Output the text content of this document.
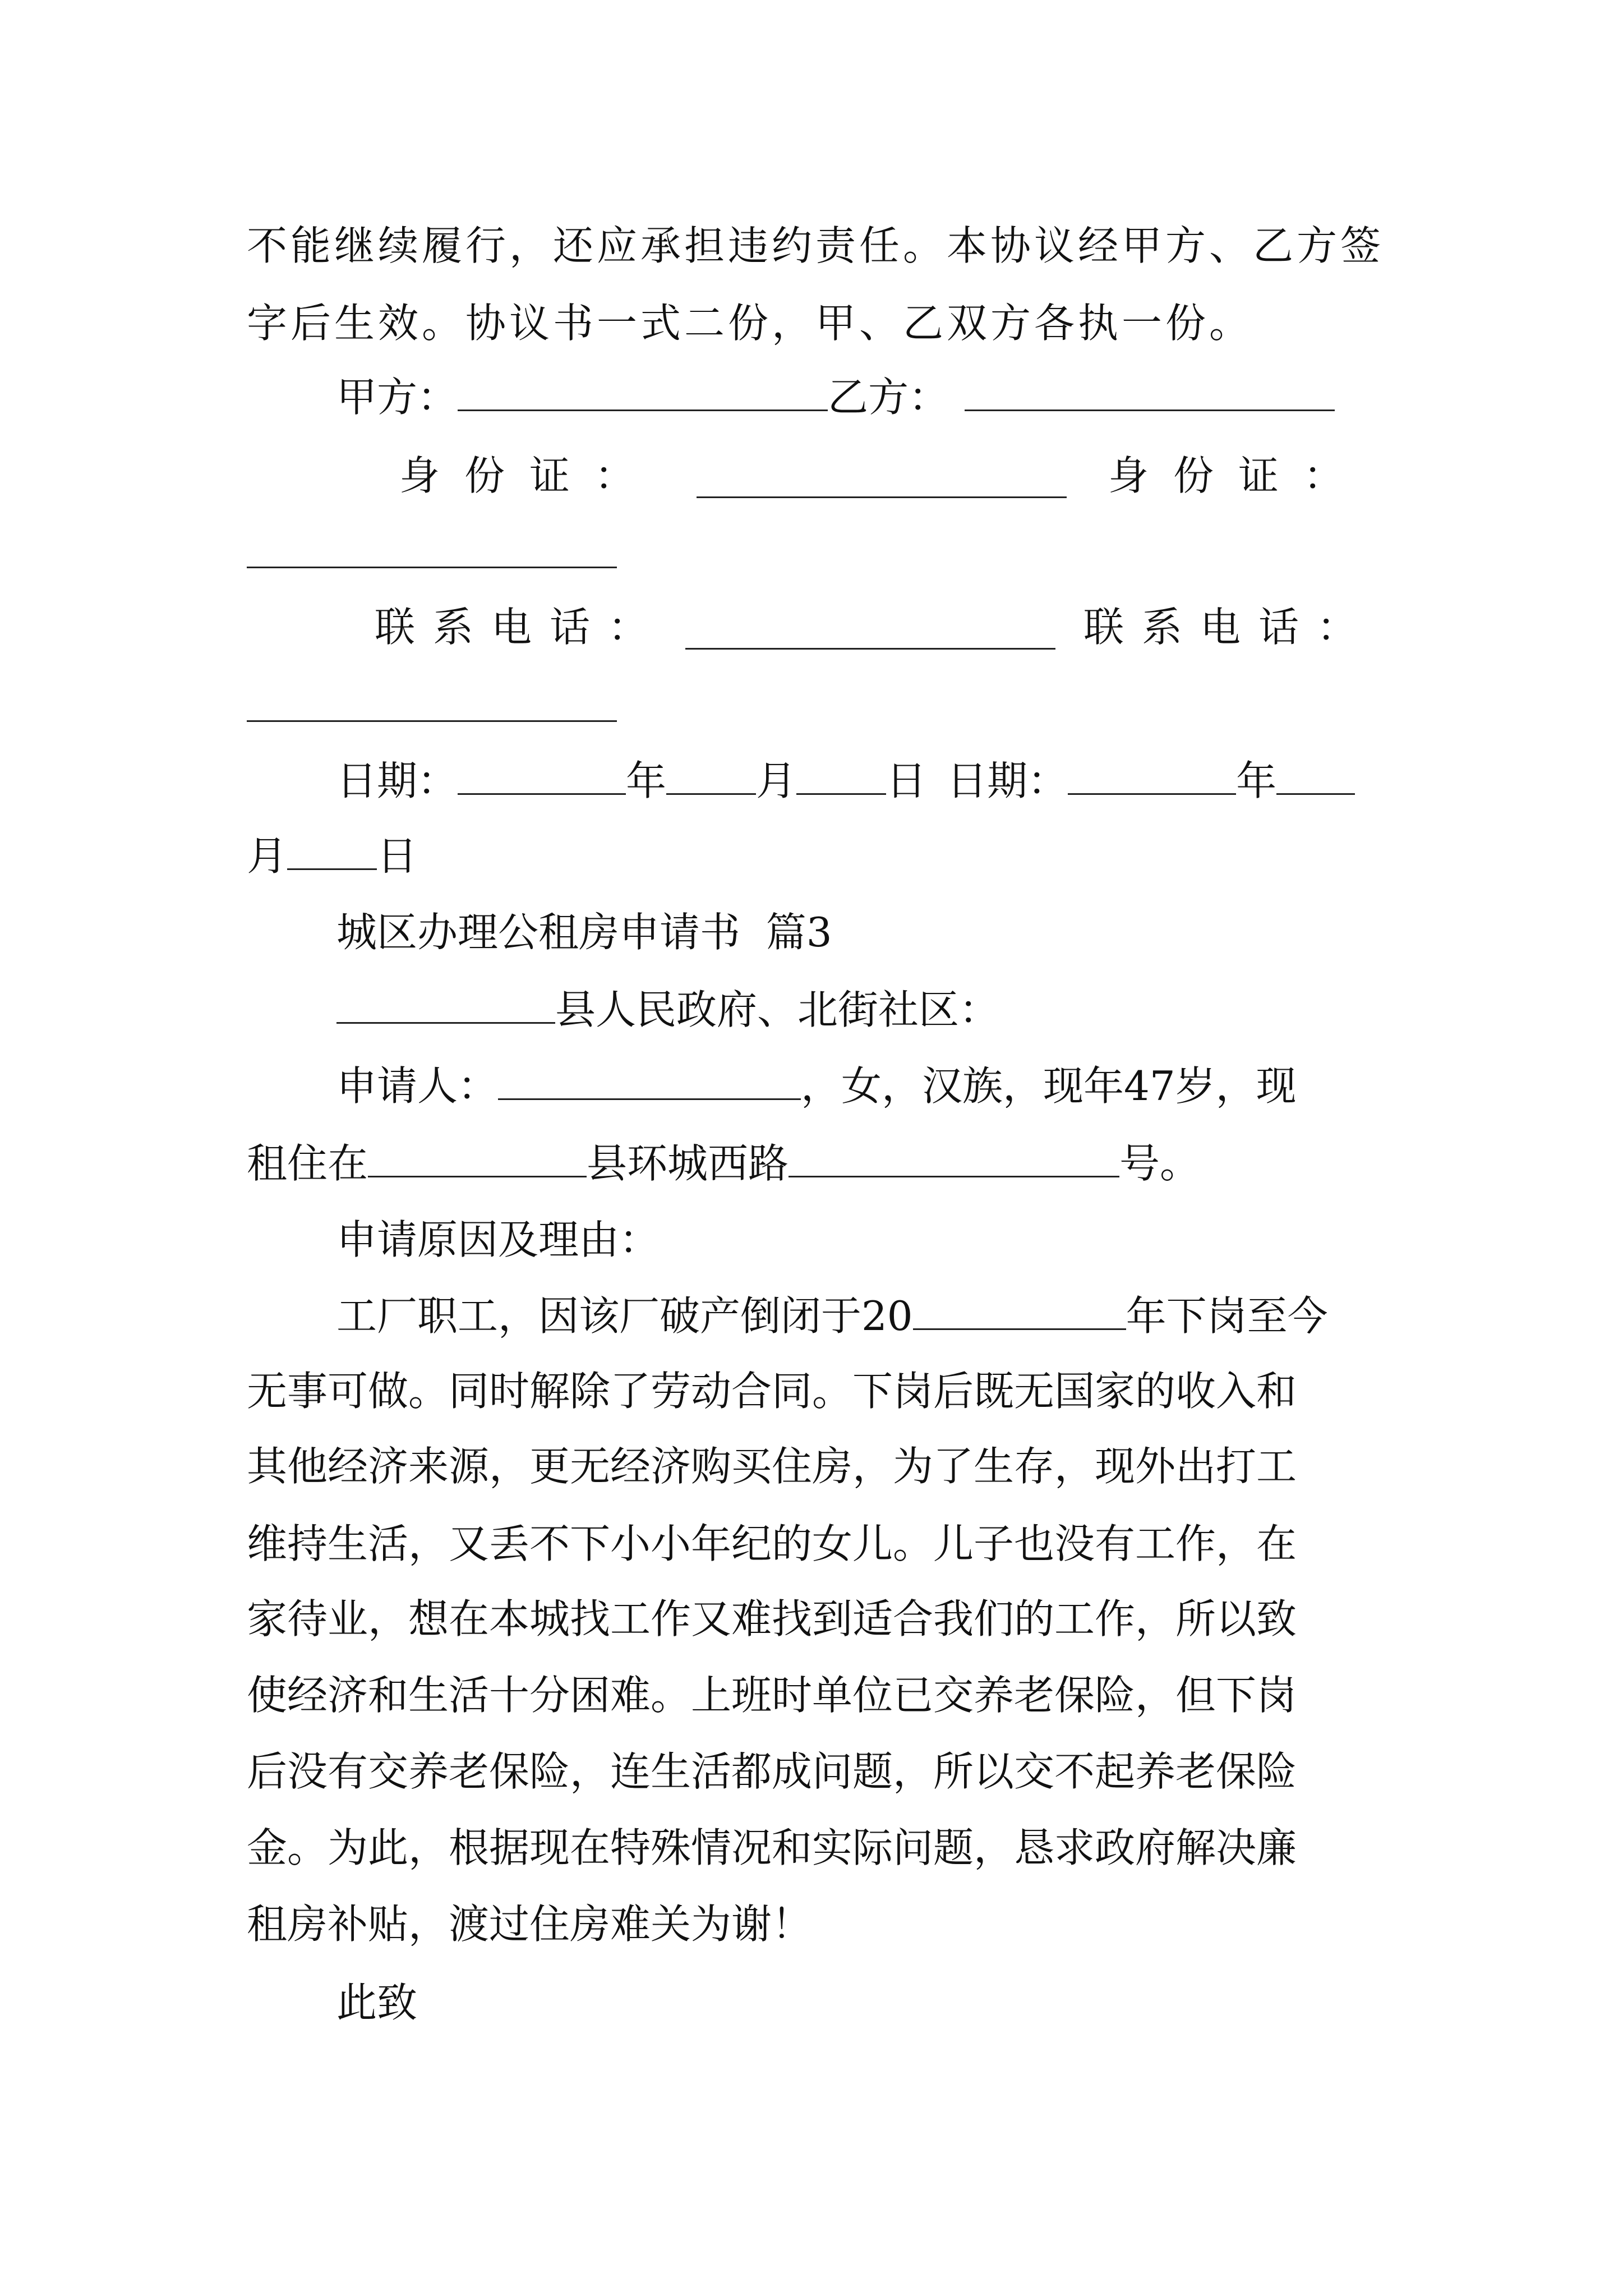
不能继续履行，还应承担违约责任。本协议经甲方、乙方签
字后生效。协议书一式二份，甲、乙双方各执一份。
甲方：	乙方：
身 份 证 ：	身 份 证 ：
联 系 电 话 ：	联 系 电 话 ：
日期：	年 月 日 日期：	年
月 日
城区办理公租房申请书  篇3
县人民政府、北街社区：
申请人：	，女，汉族，现年47岁，现
租住在	县环城西路	号。
申请原因及理由：
工厂职工，因该厂破产倒闭于20	年下岗至今
无事可做。同时解除了劳动合同。下岗后既无国家的收入和
其他经济来源，更无经济购买住房，为了生存，现外出打工
维持生活，又丢不下小小年纪的女儿。儿子也没有工作，在
家待业，想在本城找工作又难找到适合我们的工作，所以致
使经济和生活十分困难。上班时单位已交养老保险，但下岗
后没有交养老保险，连生活都成问题，所以交不起养老保险
金。为此，根据现在特殊情况和实际问题，恳求政府解决廉
租房补贴，渡过住房难关为谢！
此致
